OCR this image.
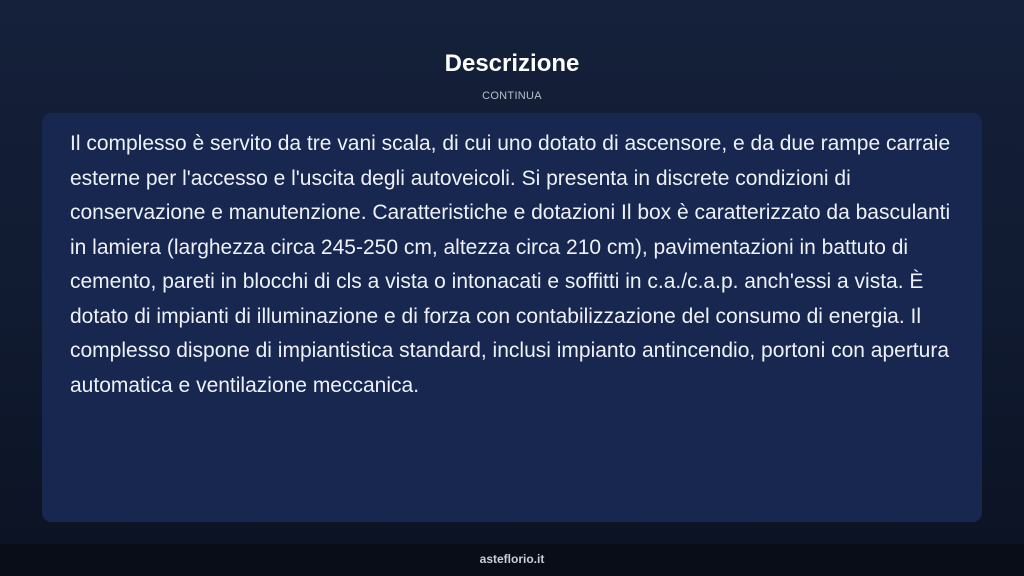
Descrizione
CONTINUA

Il complesso è servito da tre vani scala, di cui uno dotato di ascensore, e da due rampe carraie esterne per l'accesso e l'uscita degli autoveicoli. Si presenta in discrete condizioni di conservazione e manutenzione. Caratteristiche e dotazioni Il box è caratterizzato da basculanti in lamiera (larghezza circa 245-250 cm, altezza circa 210 cm), pavimentazioni in battuto di cemento, pareti in blocchi di cls a vista o intonacati e soffitti in c.a./c.a.p. anch'essi a vista. È dotato di impianti di illuminazione e di forza con contabilizzazione del consumo di energia. Il complesso dispone di impiantistica standard, inclusi impianto antincendio, portoni con apertura automatica e ventilazione meccanica.

asteflorio.it
